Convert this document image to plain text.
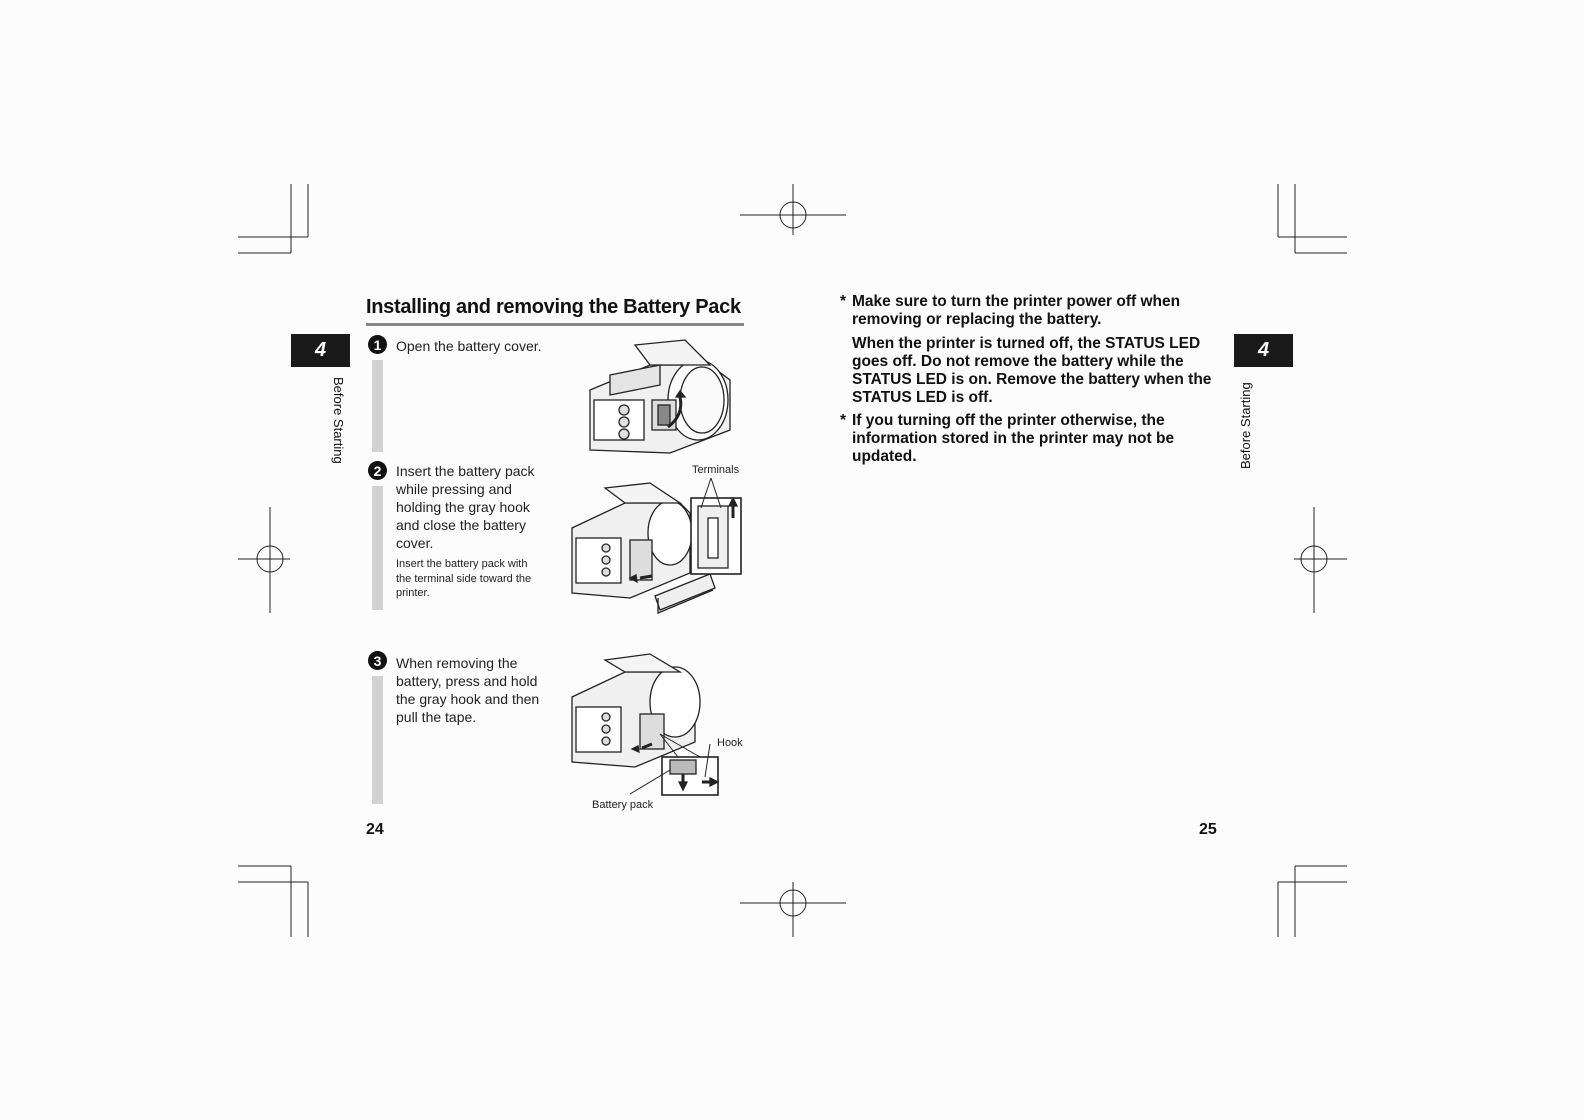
Installing and removing the Battery Pack
4
Before Starting
1	Open the battery cover.
2	Insert the battery pack while pressing and holding the gray hook and close the battery cover.
Insert the battery pack with the terminal side toward the printer.
3	When removing the battery, press and hold the gray hook and then pull the tape.
Terminals
Hook
Battery pack
24
* Make sure to turn the printer power off when removing or replacing the battery.
When the printer is turned off, the STATUS LED goes off. Do not remove the battery while the STATUS LED is on. Remove the battery when the STATUS LED is off.
* If you turning off the printer otherwise, the information stored in the printer may not be updated.
4
Before Starting
25
